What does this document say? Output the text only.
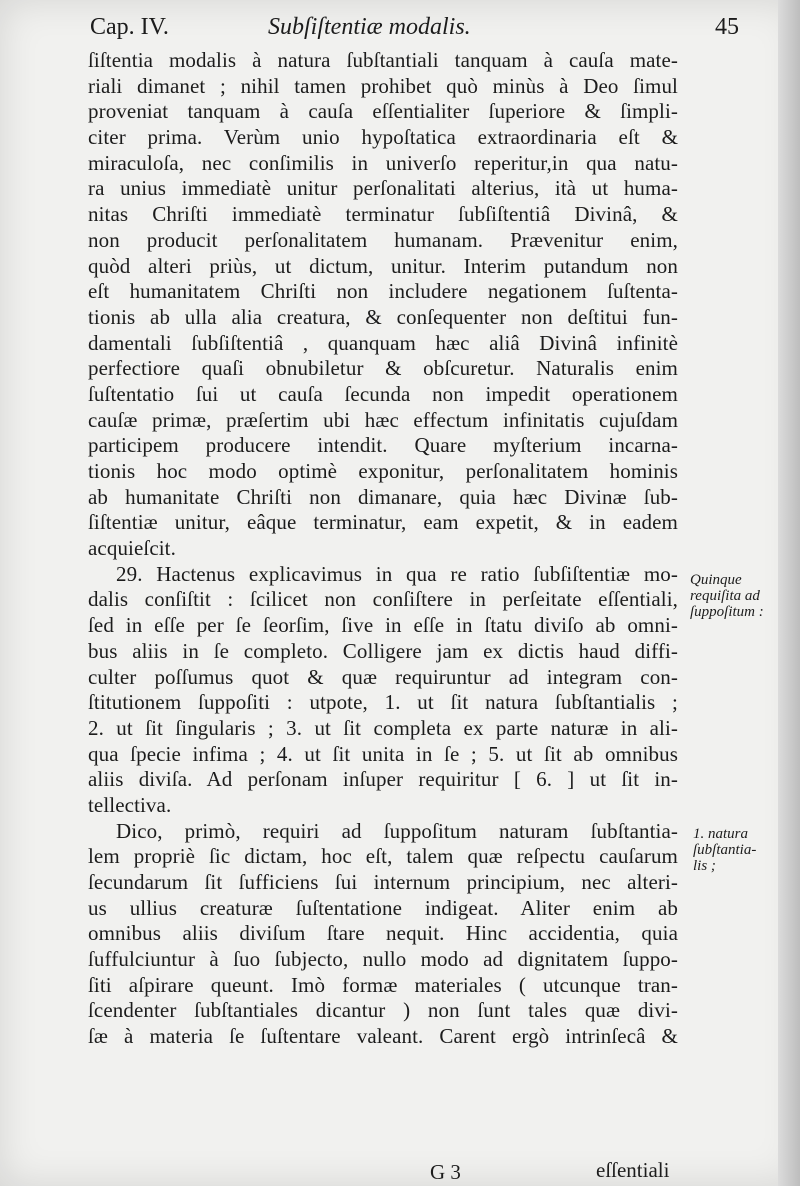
Cap. IV.	Subſiſtentiæ modalis.	45
ſiſtentia modalis à natura ſubſtantiali tanquam à cauſa mate-
riali dimanet ; nihil tamen prohibet quò minùs à Deo ſimul
proveniat tanquam à cauſa eſſentialiter ſuperiore & ſimpli-
citer prima. Verùm unio hypoſtatica extraordinaria eſt &
miraculoſa, nec conſimilis in univerſo reperitur,in qua natu-
ra unius immediatè unitur perſonalitati alterius, ità ut huma-
nitas Chriſti immediatè terminatur ſubſiſtentiâ Divinâ, &
non producit perſonalitatem humanam. Prævenitur enim,
quòd alteri priùs, ut dictum, unitur. Interim putandum non
eſt humanitatem Chriſti non includere negationem ſuſtenta-
tionis ab ulla alia creatura, & conſequenter non deſtitui fun-
damentali ſubſiſtentiâ , quanquam hæc aliâ Divinâ infinitè
perfectiore quaſi obnubiletur & obſcuretur. Naturalis enim
ſuſtentatio ſui ut cauſa ſecunda non impedit operationem
cauſæ primæ, præſertim ubi hæc effectum infinitatis cujuſdam
participem producere intendit. Quare myſterium incarna-
tionis hoc modo optimè exponitur, perſonalitatem hominis
ab humanitate Chriſti non dimanare, quia hæc Divinæ ſub-
ſiſtentiæ unitur, eâque terminatur, eam expetit, & in eadem
acquieſcit.
29. Hactenus explicavimus in qua re ratio ſubſiſtentiæ mo-
dalis conſiſtit : ſcilicet non conſiſtere in perſeitate eſſentiali,
ſed in eſſe per ſe ſeorſim, ſive in eſſe in ſtatu diviſo ab omni-
bus aliis in ſe completo. Colligere jam ex dictis haud diffi-
culter poſſumus quot & quæ requiruntur ad integram con-
ſtitutionem ſuppoſiti : utpote, 1. ut ſit natura ſubſtantialis ;
2. ut ſit ſingularis ; 3. ut ſit completa ex parte naturæ in ali-
qua ſpecie infima ; 4. ut ſit unita in ſe ; 5. ut ſit ab omnibus
aliis diviſa. Ad perſonam inſuper requiritur [ 6. ] ut ſit in-
tellectiva.
Dico, primò, requiri ad ſuppoſitum naturam ſubſtantia-
lem propriè ſic dictam, hoc eſt, talem quæ reſpectu cauſarum
ſecundarum ſit ſufficiens ſui internum principium, nec alteri-
us ullius creaturæ ſuſtentatione indigeat. Aliter enim ab
omnibus aliis diviſum ſtare nequit. Hinc accidentia, quia
ſuffulciuntur à ſuo ſubjecto, nullo modo ad dignitatem ſuppo-
ſiti aſpirare queunt. Imò formæ materiales ( utcunque tran-
ſcendenter ſubſtantiales dicantur ) non ſunt tales quæ divi-
ſæ à materia ſe ſuſtentare valeant. Carent ergò intrinſecâ &
Quinque requiſita ad ſuppoſitum :
1. natura ſubſtantia-lis ;
G 3	eſſentiali
